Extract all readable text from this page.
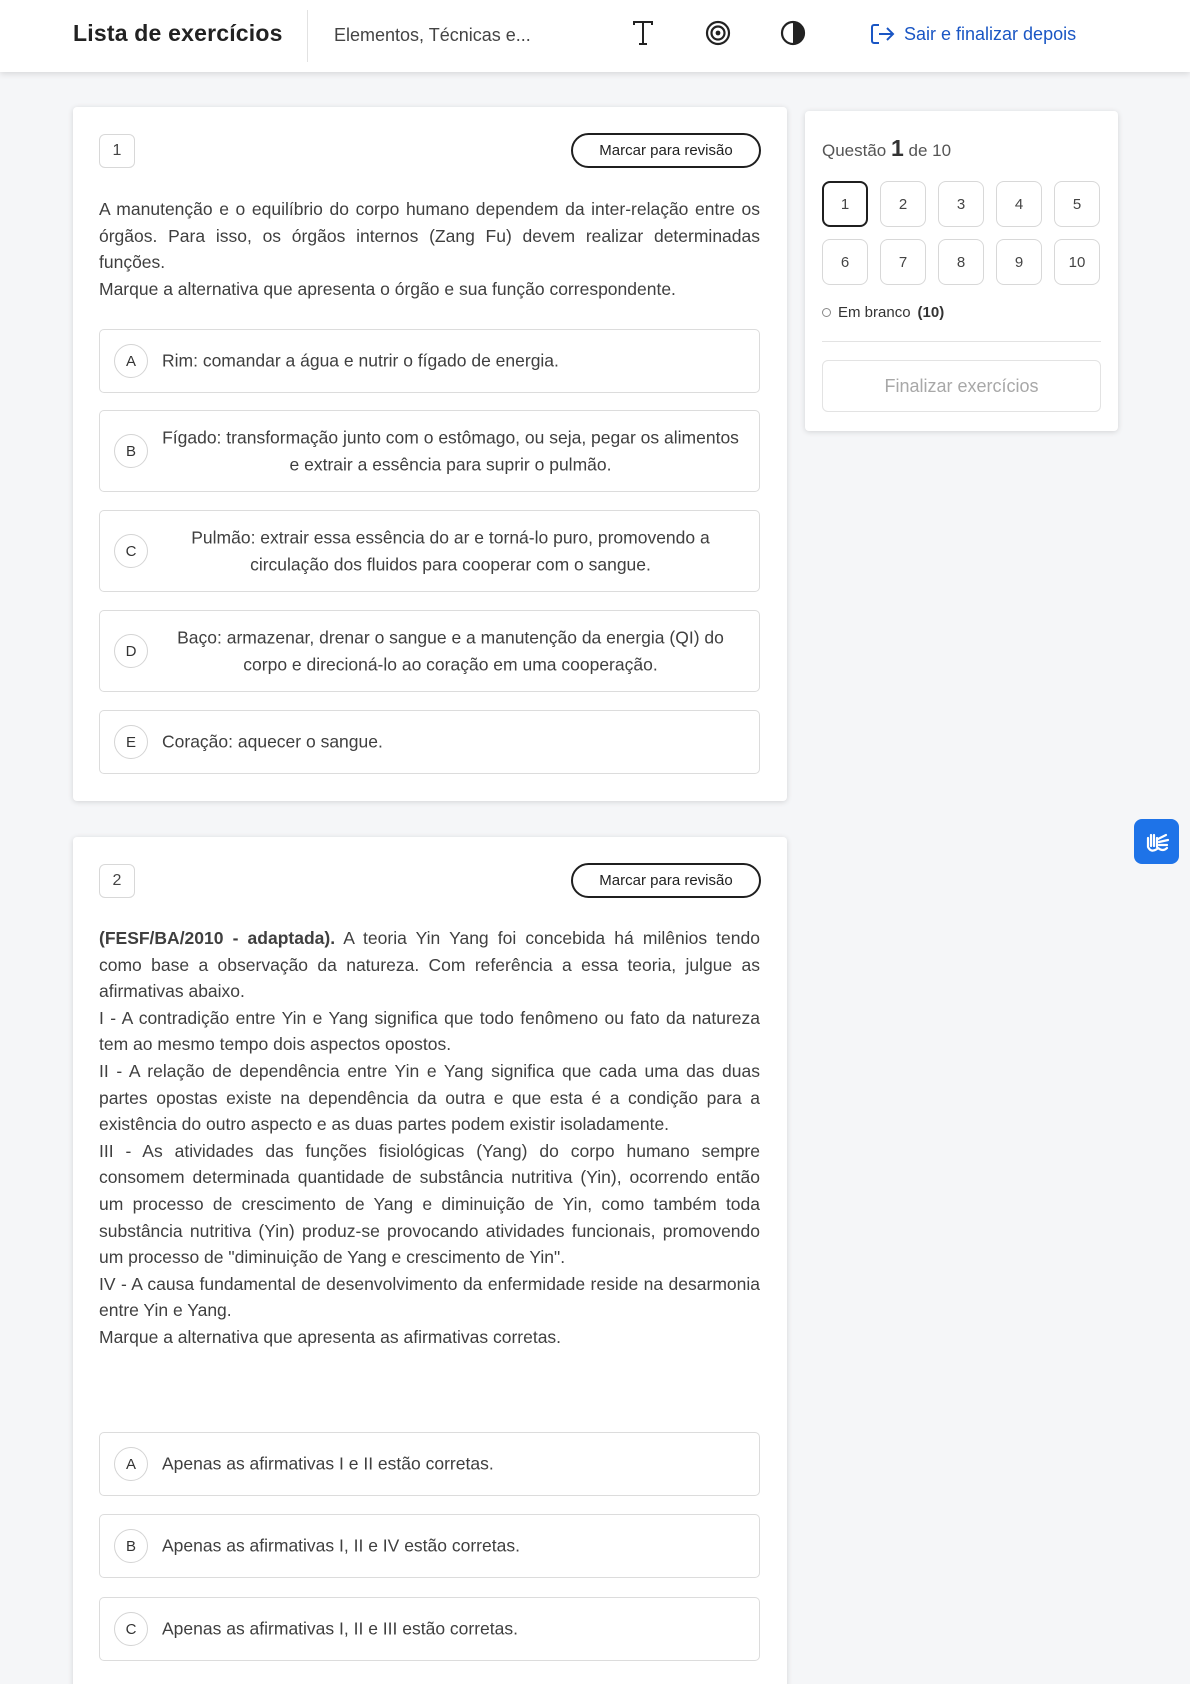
Lista de exercícios	Elementos, Técnicas e...	Sair e finalizar depois
1	Marcar para revisão

A manutenção e o equilíbrio do corpo humano dependem da inter-relação entre os órgãos. Para isso, os órgãos internos (Zang Fu) devem realizar determinadas funções.

Marque a alternativa que apresenta o órgão e sua função correspondente.

A	Rim: comandar a água e nutrir o fígado de energia.
B
Fígado: transformação junto com o estômago, ou seja, pegar os alimentos e extrair a essência para suprir o pulmão.
C
Pulmão: extrair essa essência do ar e torná-lo puro, promovendo a circulação dos fluidos para cooperar com o sangue.
D
Baço: armazenar, drenar o sangue e a manutenção da energia (QI) do corpo e direcioná-lo ao coração em uma cooperação.
E	Coração: aquecer o sangue.
2	Marcar para revisão

(FESF/BA/2010 - adaptada). A teoria Yin Yang foi concebida há milênios tendo como base a observação da natureza. Com referência a essa teoria, julgue as afirmativas abaixo.

I - A contradição entre Yin e Yang significa que todo fenômeno ou fato da natureza tem ao mesmo tempo dois aspectos opostos.

II - A relação de dependência entre Yin e Yang significa que cada uma das duas partes opostas existe na dependência da outra e que esta é a condição para a existência do outro aspecto e as duas partes podem existir isoladamente.

III - As atividades das funções fisiológicas (Yang) do corpo humano sempre consomem determinada quantidade de substância nutritiva (Yin), ocorrendo então um processo de crescimento de Yang e diminuição de Yin, como também toda substância nutritiva (Yin) produz-se provocando atividades funcionais, promovendo um processo de "diminuição de Yang e crescimento de Yin".

IV - A causa fundamental de desenvolvimento da enfermidade reside na desarmonia entre Yin e Yang.

Marque a alternativa que apresenta as afirmativas corretas.

A	Apenas as afirmativas I e II estão corretas.
B	Apenas as afirmativas I, II e IV estão corretas.
C	Apenas as afirmativas I, II e III estão corretas.
Questão 1 de 10
1	2	3	4	5
6	7	8	9	10
Em branco (10)
Finalizar exercícios
